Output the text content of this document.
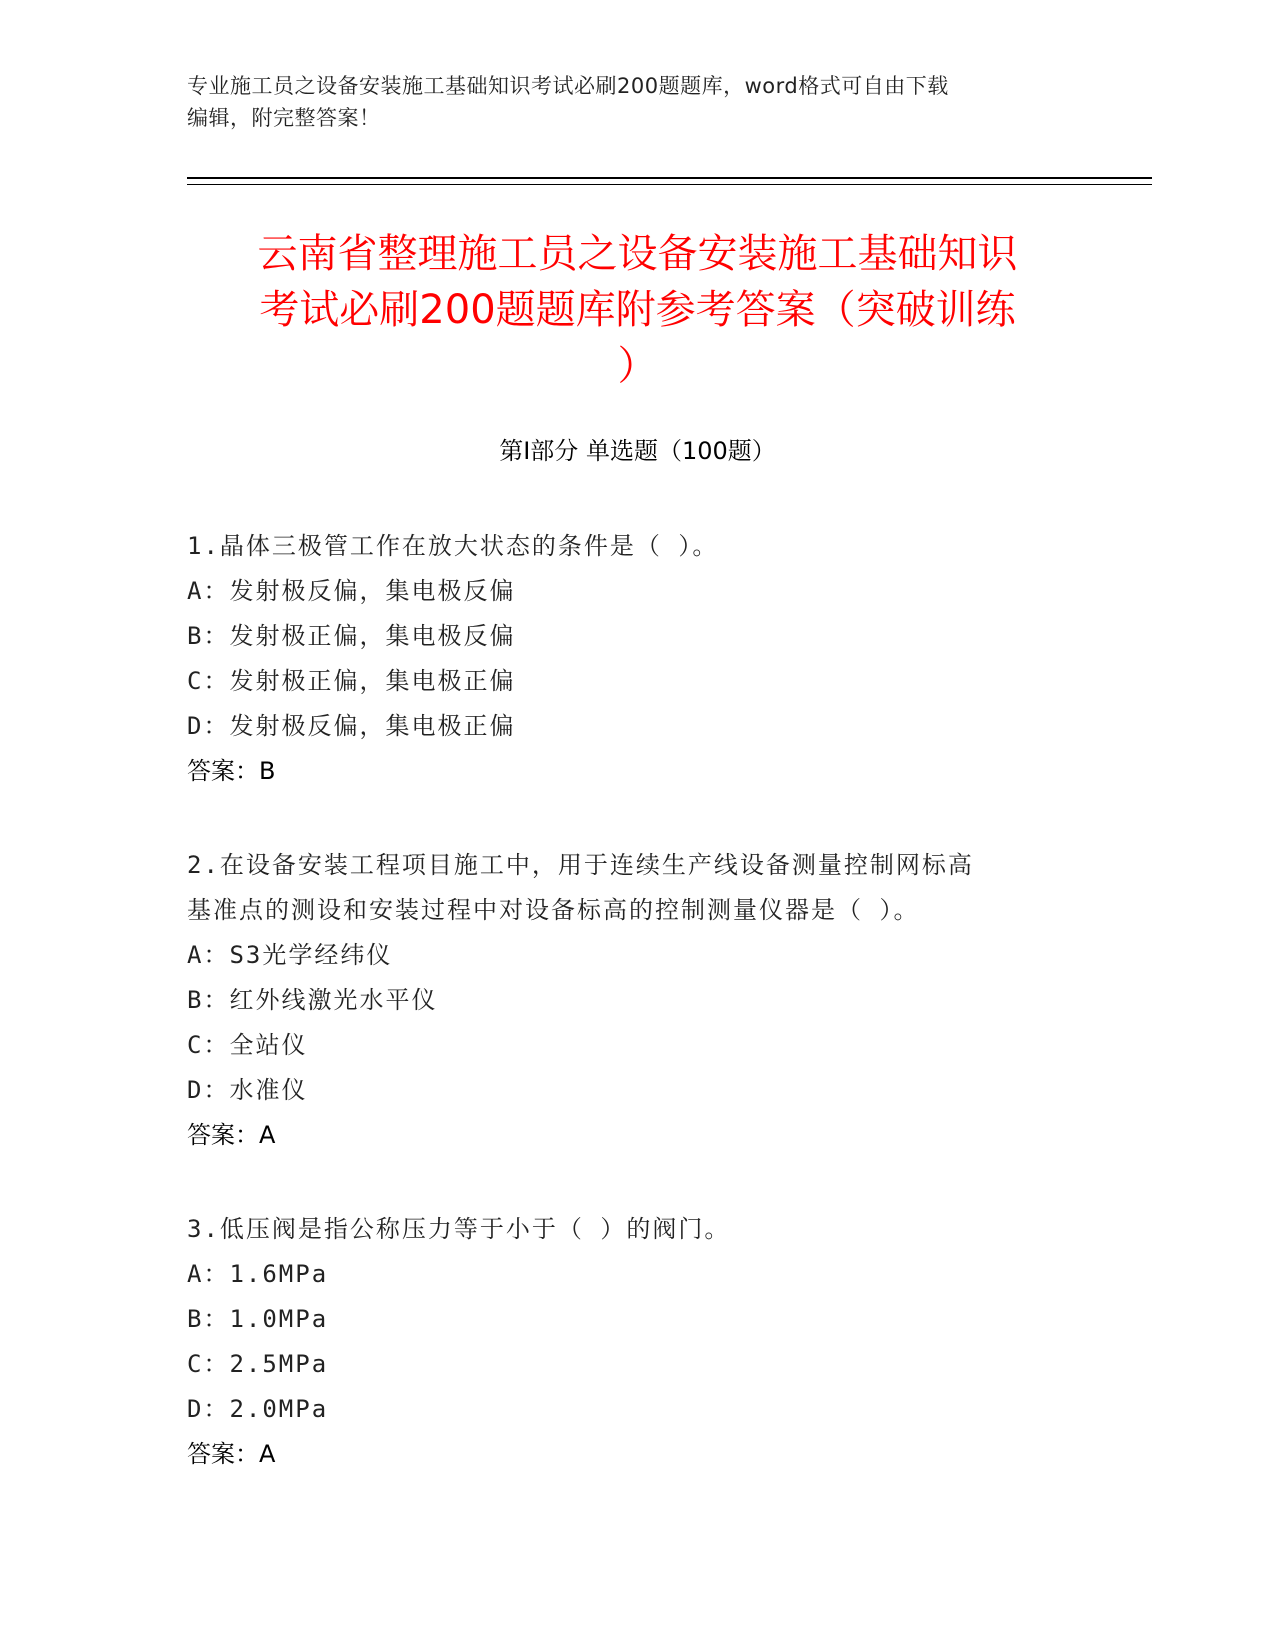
专业施工员之设备安装施工基础知识考试必刷200题题库，word格式可自由下载
编辑，附完整答案！
云南省整理施工员之设备安装施工基础知识
考试必刷200题题库附参考答案（突破训练
）
第Ⅰ部分 单选题（100题）
1.晶体三极管工作在放大状态的条件是（ ）。
A：发射极反偏，集电极反偏
B：发射极正偏，集电极反偏
C：发射极正偏，集电极正偏
D：发射极反偏，集电极正偏
答案：B
2.在设备安装工程项目施工中，用于连续生产线设备测量控制网标高
基准点的测设和安装过程中对设备标高的控制测量仪器是（ ）。
A：S3光学经纬仪
B：红外线激光水平仪
C：全站仪
D：水准仪
答案：A
3.低压阀是指公称压力等于小于（ ）的阀门。
A：1.6MPa
B：1.0MPa
C：2.5MPa
D：2.0MPa
答案：A
